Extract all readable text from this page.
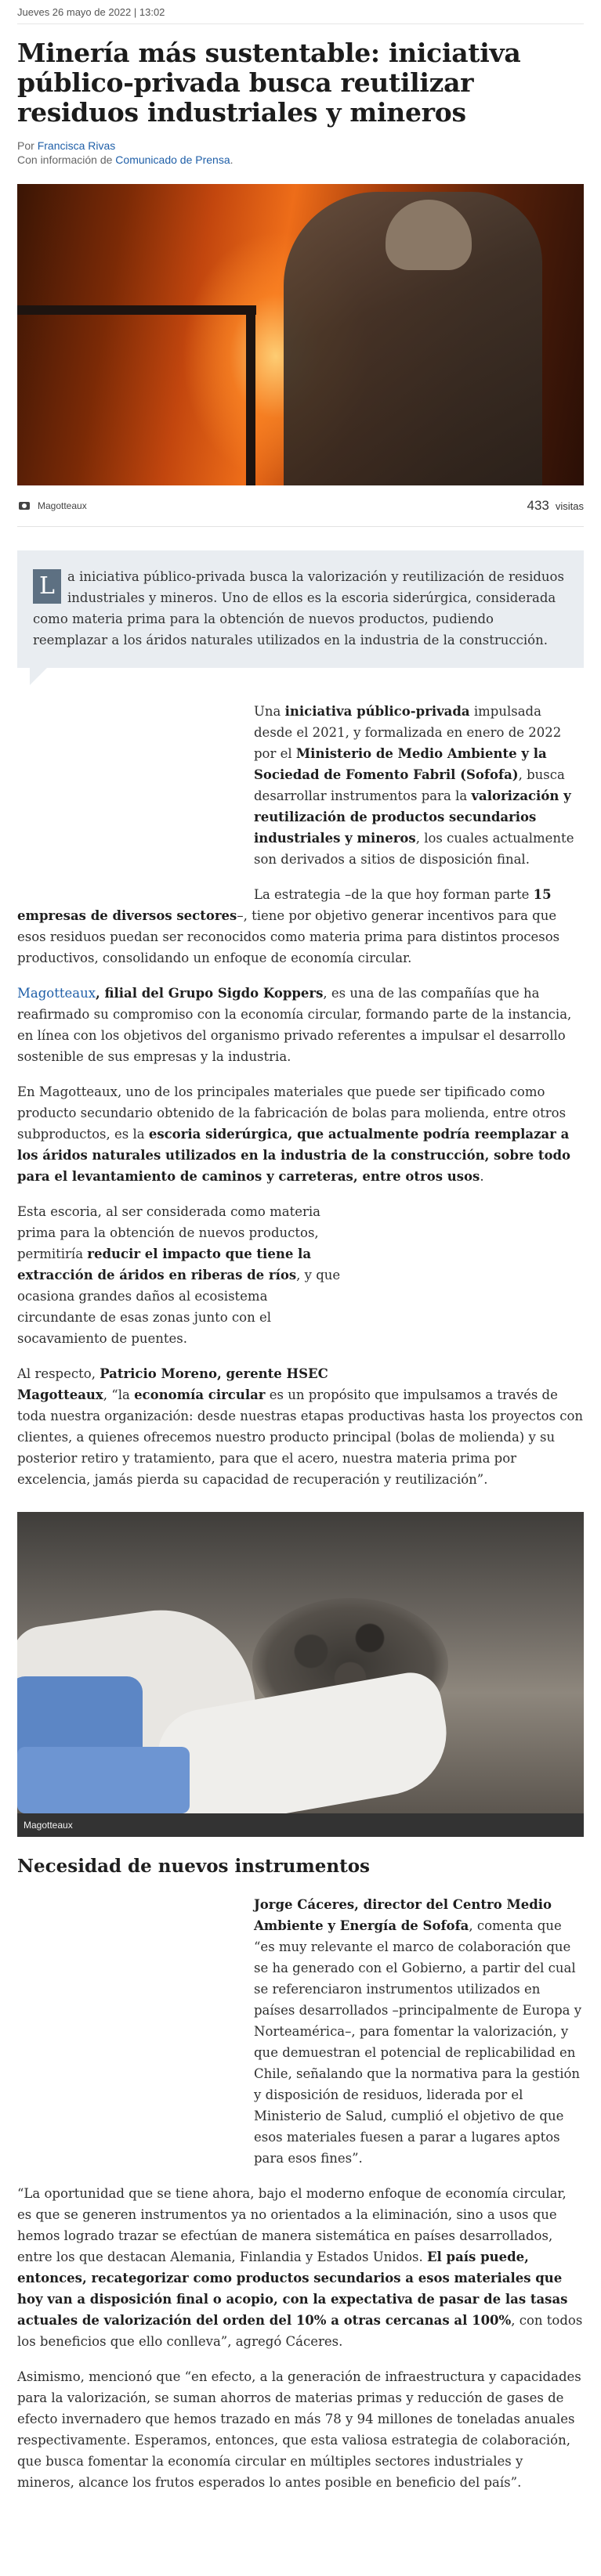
Jueves 26 mayo de 2022 | 13:02
Minería más sustentable: iniciativa público-privada busca reutilizar residuos industriales y mineros
Por Francisca Rivas
Con información de Comunicado de Prensa.
Magotteaux	433 visitas
L a iniciativa público-privada busca la valorización y reutilización de residuos industriales y mineros. Uno de ellos es la escoria siderúrgica, considerada como materia prima para la obtención de nuevos productos, pudiendo reemplazar a los áridos naturales utilizados en la industria de la construcción.

Una iniciativa público-privada impulsada desde el 2021, y formalizada en enero de 2022 por el Ministerio de Medio Ambiente y la Sociedad de Fomento Fabril (Sofofa), busca desarrollar instrumentos para la valorización y reutilización de productos secundarios industriales y mineros, los cuales actualmente son derivados a sitios de disposición final.

La estrategia –de la que hoy forman parte 15 empresas de diversos sectores–, tiene por objetivo generar incentivos para que esos residuos puedan ser reconocidos como materia prima para distintos procesos productivos, consolidando un enfoque de economía circular.

Magotteaux, filial del Grupo Sigdo Koppers, es una de las compañías que ha reafirmado su compromiso con la economía circular, formando parte de la instancia, en línea con los objetivos del organismo privado referentes a impulsar el desarrollo sostenible de sus empresas y la industria.

En Magotteaux, uno de los principales materiales que puede ser tipificado como producto secundario obtenido de la fabricación de bolas para molienda, entre otros subproductos, es la escoria siderúrgica, que actualmente podría reemplazar a los áridos naturales utilizados en la industria de la construcción, sobre todo para el levantamiento de caminos y carreteras, entre otros usos.

Esta escoria, al ser considerada como materia prima para la obtención de nuevos productos, permitiría reducir el impacto que tiene la extracción de áridos en riberas de ríos, y que ocasiona grandes daños al ecosistema circundante de esas zonas junto con el socavamiento de puentes.

Al respecto, Patricio Moreno, gerente HSEC Magotteaux, “la economía circular es un propósito que impulsamos a través de toda nuestra organización: desde nuestras etapas productivas hasta los proyectos con clientes, a quienes ofrecemos nuestro producto principal (bolas de molienda) y su posterior retiro y tratamiento, para que el acero, nuestra materia prima por excelencia, jamás pierda su capacidad de recuperación y reutilización”.

Magotteaux
Necesidad de nuevos instrumentos

Jorge Cáceres, director del Centro Medio Ambiente y Energía de Sofofa, comenta que “es muy relevante el marco de colaboración que se ha generado con el Gobierno, a partir del cual se referenciaron instrumentos utilizados en países desarrollados –principalmente de Europa y Norteamérica–, para fomentar la valorización, y que demuestran el potencial de replicabilidad en Chile, señalando que la normativa para la gestión y disposición de residuos, liderada por el Ministerio de Salud, cumplió el objetivo de que esos materiales fuesen a parar a lugares aptos para esos fines”.

“La oportunidad que se tiene ahora, bajo el moderno enfoque de economía circular, es que se generen instrumentos ya no orientados a la eliminación, sino a usos que hemos logrado trazar se efectúan de manera sistemática en países desarrollados, entre los que destacan Alemania, Finlandia y Estados Unidos. El país puede, entonces, recategorizar como productos secundarios a esos materiales que hoy van a disposición final o acopio, con la expectativa de pasar de las tasas actuales de valorización del orden del 10% a otras cercanas al 100%, con todos los beneficios que ello conlleva”, agregó Cáceres.

Asimismo, mencionó que “en efecto, a la generación de infraestructura y capacidades para la valorización, se suman ahorros de materias primas y reducción de gases de efecto invernadero que hemos trazado en más 78 y 94 millones de toneladas anuales respectivamente. Esperamos, entonces, que esta valiosa estrategia de colaboración, que busca fomentar la economía circular en múltiples sectores industriales y mineros, alcance los frutos esperados lo antes posible en beneficio del país”.
